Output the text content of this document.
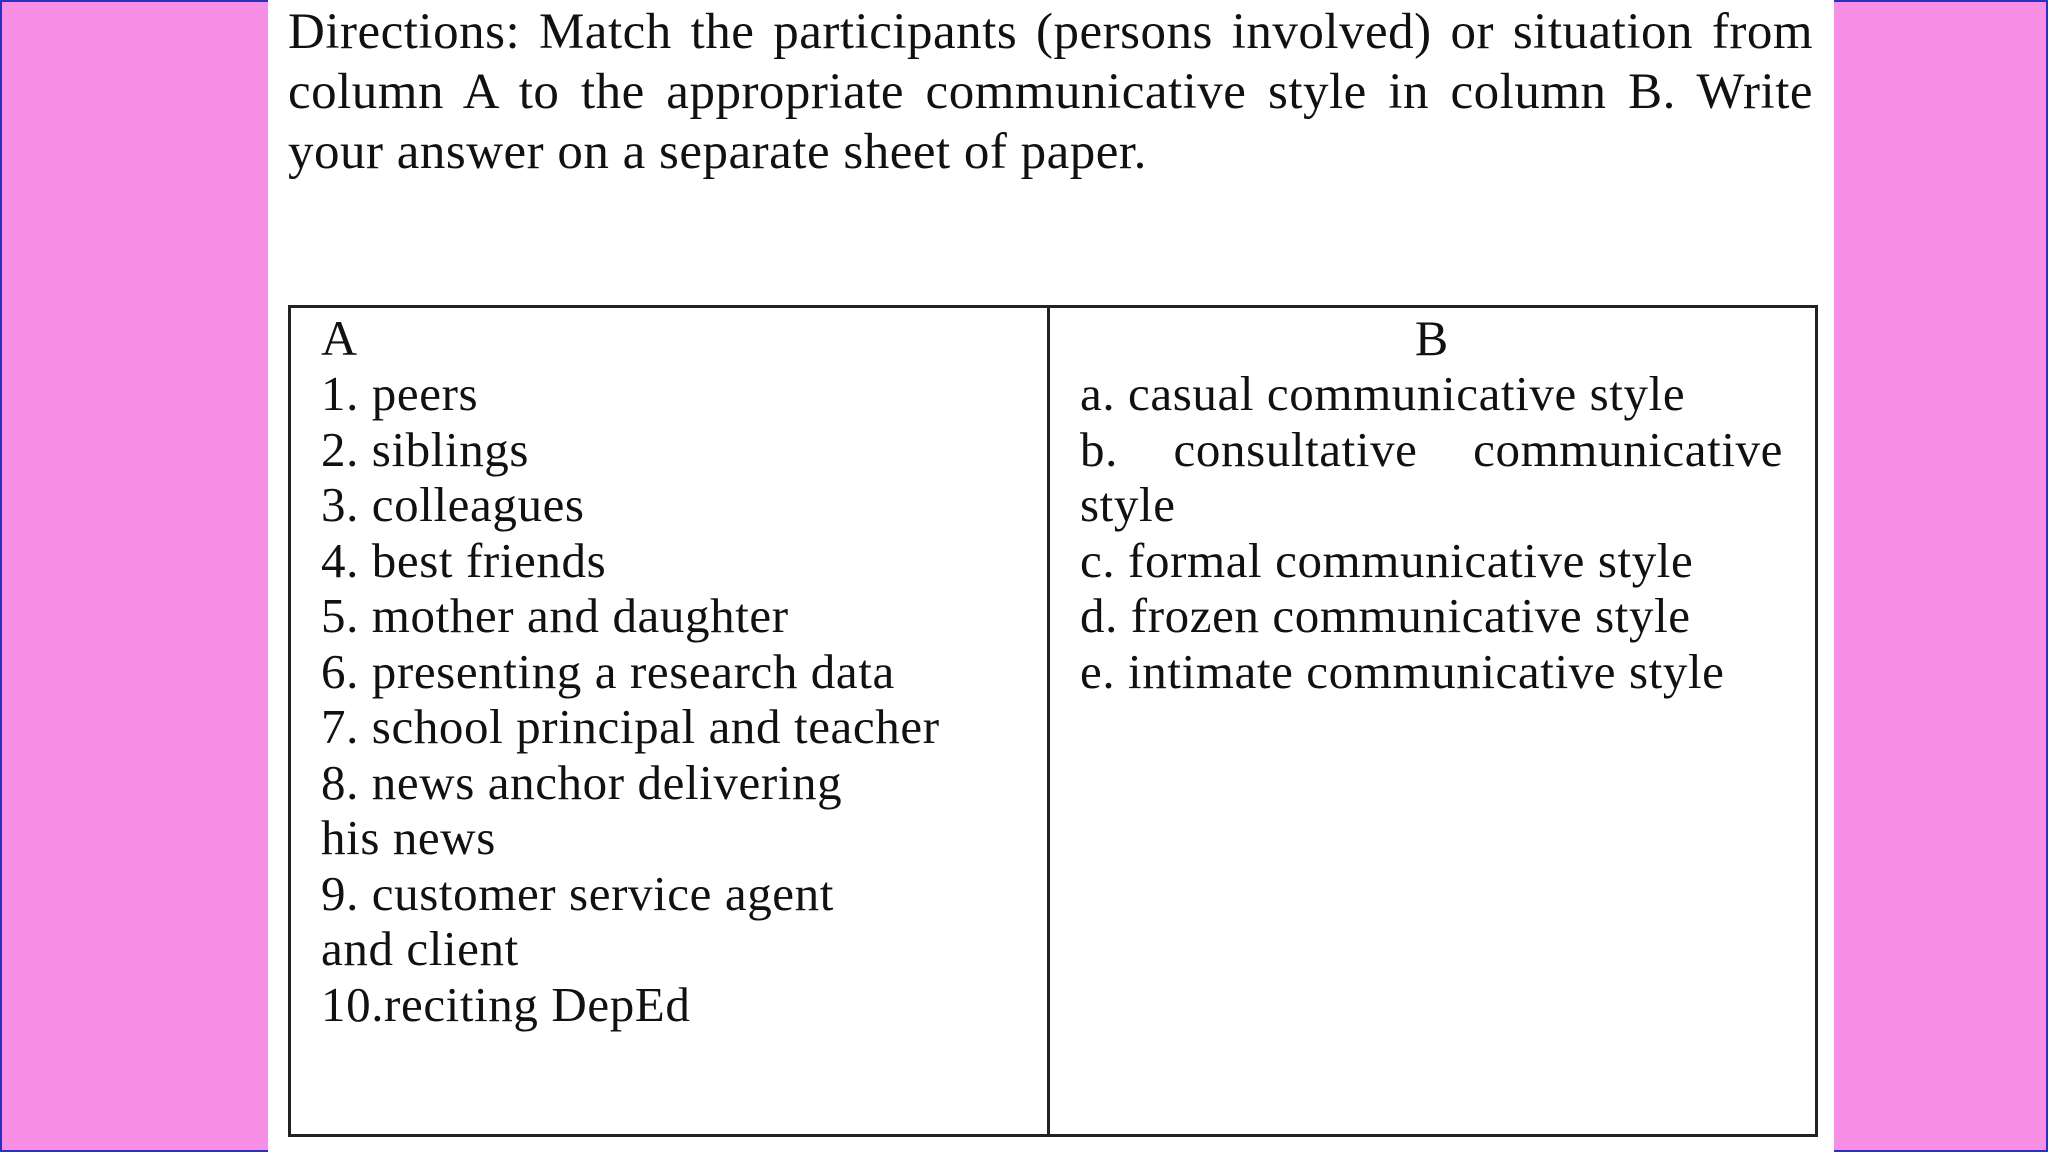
Directions: Match the participants (persons involved) or situation from column A to the appropriate communicative style in column B. Write your answer on a separate sheet of paper.
A
1. peers
2. siblings
3. colleagues
4. best friends
5. mother and daughter
6. presenting a research data
7. school principal and teacher
8. news anchor delivering his news
9. customer service agent and client
10.reciting DepEd
B
a. casual communicative style
b. consultative communicative style
c. formal communicative style
d. frozen communicative style
e. intimate communicative style
